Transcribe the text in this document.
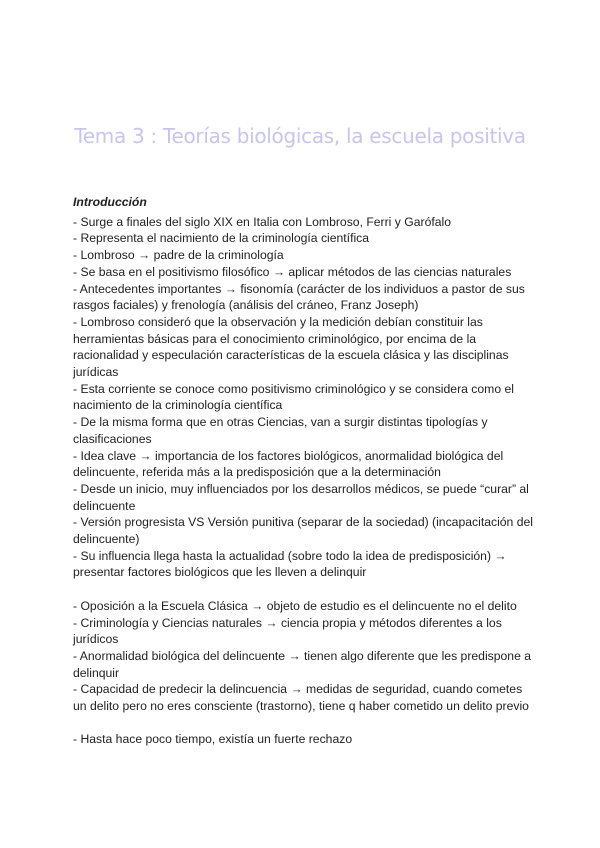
Tema 3 : Teorías biológicas, la escuela positiva

Introducción

- Surge a finales del siglo XIX en Italia con Lombroso, Ferri y Garófalo
- Representa el nacimiento de la criminología científica
- Lombroso → padre de la criminología
- Se basa en el positivismo filosófico → aplicar métodos de las ciencias naturales
- Antecedentes importantes → fisonomía (carácter de los individuos a pastor de sus rasgos faciales) y frenología (análisis del cráneo, Franz Joseph)
- Lombroso consideró que la observación y la medición debían constituir las herramientas básicas para el conocimiento criminológico, por encima de la racionalidad y especulación características de la escuela clásica y las disciplinas jurídicas
- Esta corriente se conoce como positivismo criminológico y se considera como el nacimiento de la criminología científica
- De la misma forma que en otras Ciencias, van a surgir distintas tipologías y clasificaciones
- Idea clave → importancia de los factores biológicos, anormalidad biológica del delincuente, referida más a la predisposición que a la determinación
- Desde un inicio, muy influenciados por los desarrollos médicos, se puede “curar” al delincuente
- Versión progresista VS Versión punitiva (separar de la sociedad) (incapacitación del delincuente)
- Su influencia llega hasta la actualidad (sobre todo la idea de predisposición) → presentar factores biológicos que les lleven a delinquir
- Oposición a la Escuela Clásica → objeto de estudio es el delincuente no el delito
- Criminología y Ciencias naturales → ciencia propia y métodos diferentes a los jurídicos
- Anormalidad biológica del delincuente → tienen algo diferente que les predispone a delinquir
- Capacidad de predecir la delincuencia → medidas de seguridad, cuando cometes un delito pero no eres consciente (trastorno), tiene q haber cometido un delito previo
- Hasta hace poco tiempo, existía un fuerte rechazo
